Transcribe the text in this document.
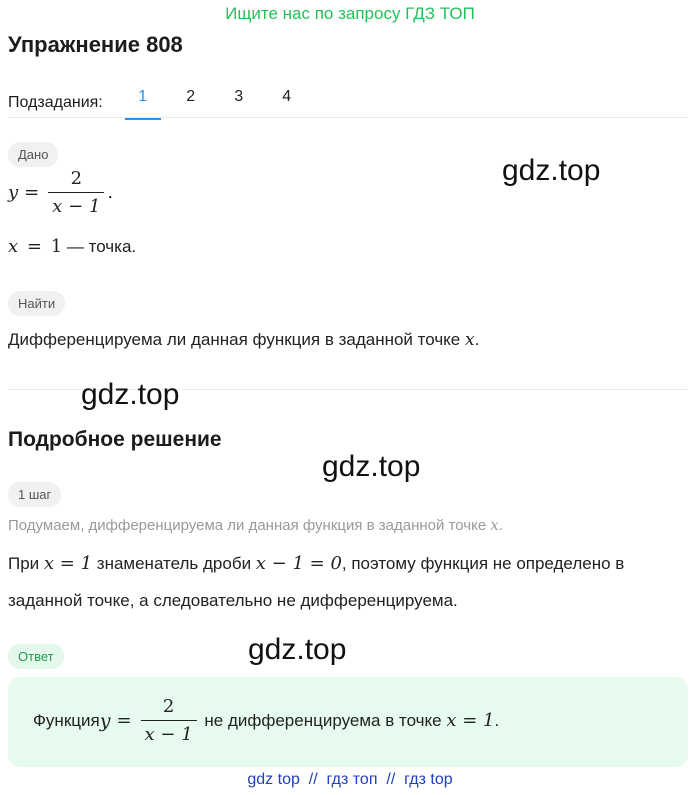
Ищите нас по запросу ГДЗ ТОП
Упражнение 808
Подзадания:	1	2	3	4
Дано
$y = \frac{2}{x - 1}$ .
x = 1 — точка.
gdz.top
Найти
Дифференцируема ли данная функция в заданной точке x.
gdz.top
Подробное решение
gdz.top
1 шаг
Подумаем, дифференцируема ли данная функция в заданной точке x.
При x = 1 знаменатель дроби x − 1 = 0, поэтому функция не определено в
заданной точке, а следовательно не дифференцируема.
Ответ	gdz.top
Функция $y = \frac{2}{x - 1}$ не дифференцируема в точке x = 1 .
gdz top  //  гдз топ  //  гдз top
